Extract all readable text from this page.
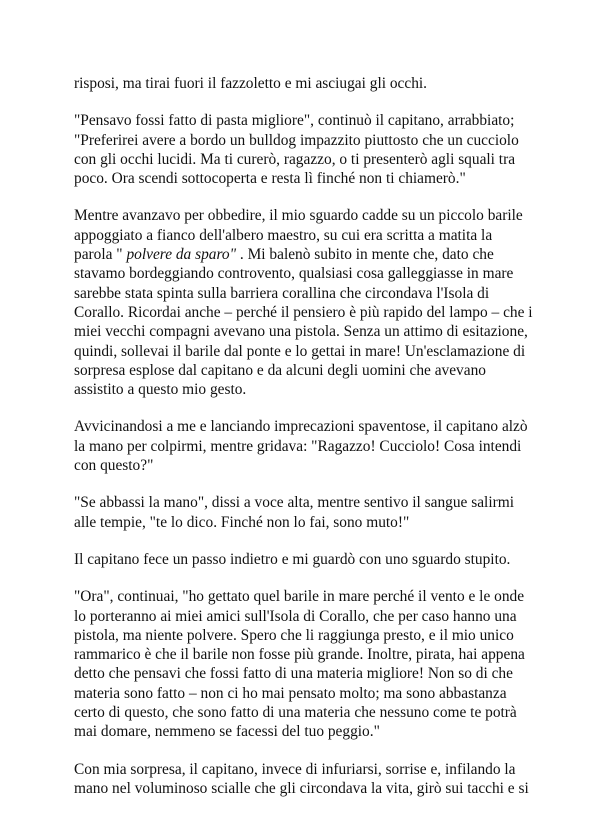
risposi, ma tirai fuori il fazzoletto e mi asciugai gli occhi.

"Pensavo fossi fatto di pasta migliore", continuò il capitano, arrabbiato; "Preferirei avere a bordo un bulldog impazzito piuttosto che un cucciolo con gli occhi lucidi. Ma ti curerò, ragazzo, o ti presenterò agli squali tra poco. Ora scendi sottocoperta e resta lì finché non ti chiamerò."

Mentre avanzavo per obbedire, il mio sguardo cadde su un piccolo barile appoggiato a fianco dell'albero maestro, su cui era scritta a matita la parola " polvere da sparo" . Mi balenò subito in mente che, dato che stavamo bordeggiando controvento, qualsiasi cosa galleggiasse in mare sarebbe stata spinta sulla barriera corallina che circondava l'Isola di Corallo. Ricordai anche – perché il pensiero è più rapido del lampo – che i miei vecchi compagni avevano una pistola. Senza un attimo di esitazione, quindi, sollevai il barile dal ponte e lo gettai in mare! Un'esclamazione di sorpresa esplose dal capitano e da alcuni degli uomini che avevano assistito a questo mio gesto.

Avvicinandosi a me e lanciando imprecazioni spaventose, il capitano alzò la mano per colpirmi, mentre gridava: "Ragazzo! Cucciolo! Cosa intendi con questo?"

"Se abbassi la mano", dissi a voce alta, mentre sentivo il sangue salirmi alle tempie, "te lo dico. Finché non lo fai, sono muto!"

Il capitano fece un passo indietro e mi guardò con uno sguardo stupito.

"Ora", continuai, "ho gettato quel barile in mare perché il vento e le onde lo porteranno ai miei amici sull'Isola di Corallo, che per caso hanno una pistola, ma niente polvere. Spero che li raggiunga presto, e il mio unico rammarico è che il barile non fosse più grande. Inoltre, pirata, hai appena detto che pensavi che fossi fatto di una materia migliore! Non so di che materia sono fatto – non ci ho mai pensato molto; ma sono abbastanza certo di questo, che sono fatto di una materia che nessuno come te potrà mai domare, nemmeno se facessi del tuo peggio."

Con mia sorpresa, il capitano, invece di infuriarsi, sorrise e, infilando la mano nel voluminoso scialle che gli circondava la vita, girò sui tacchi e si
